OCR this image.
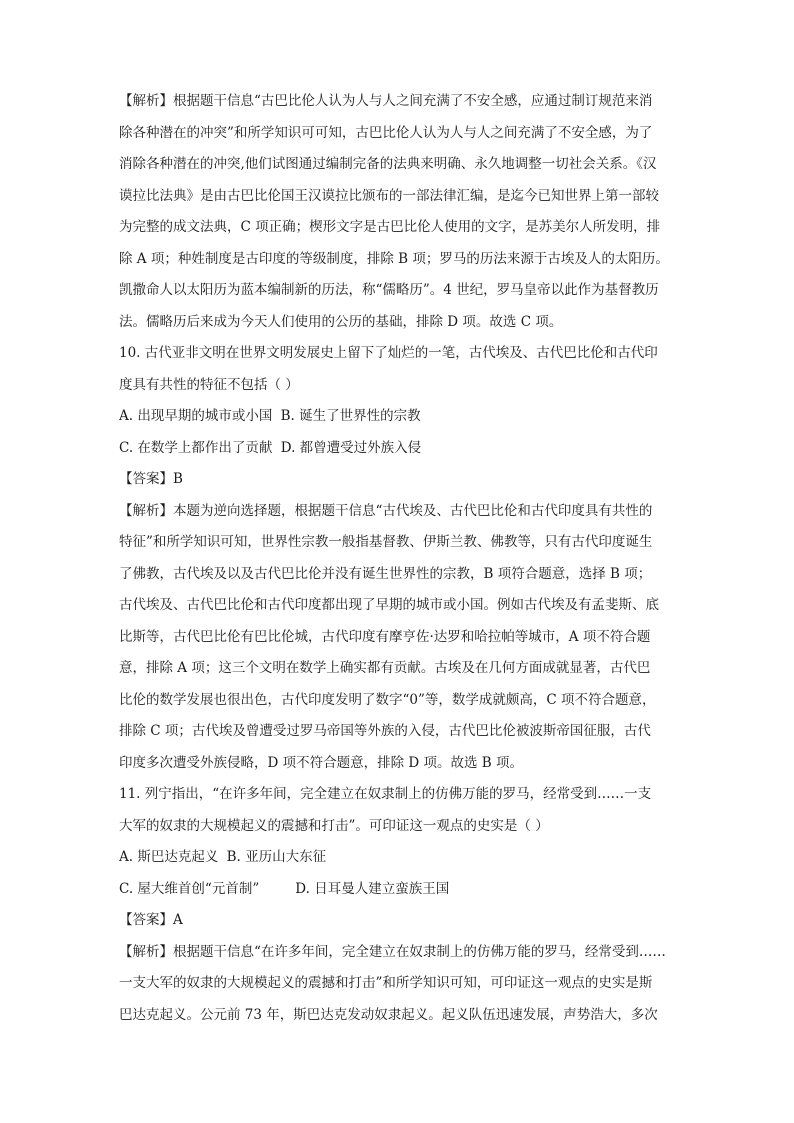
【解析】根据题干信息“古巴比伦人认为人与人之间充满了不安全感，应通过制订规范来消
除各种潜在的冲突”和所学知识可可知，古巴比伦人认为人与人之间充满了不安全感，为了
消除各种潜在的冲突,他们试图通过编制完备的法典来明确、永久地调整一切社会关系。《汉
谟拉比法典》是由古巴比伦国王汉谟拉比颁布的一部法律汇编，是迄今已知世界上第一部较
为完整的成文法典，C 项正确；楔形文字是古巴比伦人使用的文字，是苏美尔人所发明，排
除 A 项；种姓制度是古印度的等级制度，排除 B 项；罗马的历法来源于古埃及人的太阳历。
凯撒命人以太阳历为蓝本编制新的历法，称“儒略历”。4 世纪，罗马皇帝以此作为基督教历
法。儒略历后来成为今天人们使用的公历的基础，排除 D 项。故选 C 项。
10. 古代亚非文明在世界文明发展史上留下了灿烂的一笔，古代埃及、古代巴比伦和古代印
度具有共性的特征不包括（ ）
A. 出现早期的城市或小国 B. 诞生了世界性的宗教
C. 在数学上都作出了贡献 D. 都曾遭受过外族入侵
【答案】B
【解析】本题为逆向选择题，根据题干信息“古代埃及、古代巴比伦和古代印度具有共性的
特征”和所学知识可知，世界性宗教一般指基督教、伊斯兰教、佛教等，只有古代印度诞生
了佛教，古代埃及以及古代巴比伦并没有诞生世界性的宗教，B 项符合题意，选择 B 项；
古代埃及、古代巴比伦和古代印度都出现了早期的城市或小国。例如古代埃及有孟斐斯、底
比斯等，古代巴比伦有巴比伦城，古代印度有摩亨佐·达罗和哈拉帕等城市，A 项不符合题
意，排除 A 项；这三个文明在数学上确实都有贡献。古埃及在几何方面成就显著，古代巴
比伦的数学发展也很出色，古代印度发明了数字“0”等，数学成就颇高，C 项不符合题意，
排除 C 项；古代埃及曾遭受过罗马帝国等外族的入侵，古代巴比伦被波斯帝国征服，古代
印度多次遭受外族侵略，D 项不符合题意，排除 D 项。故选 B 项。
11. 列宁指出，“在许多年间，完全建立在奴隶制上的仿佛万能的罗马，经常受到……一支
大军的奴隶的大规模起义的震撼和打击”。可印证这一观点的史实是（ ）
A. 斯巴达克起义 B. 亚历山大东征
C. 屋大维首创“元首制”	D. 日耳曼人建立蛮族王国
【答案】A
【解析】根据题干信息“在许多年间，完全建立在奴隶制上的仿佛万能的罗马，经常受到……
一支大军的奴隶的大规模起义的震撼和打击”和所学知识可知，可印证这一观点的史实是斯
巴达克起义。公元前 73 年，斯巴达克发动奴隶起义。起义队伍迅速发展，声势浩大，多次
